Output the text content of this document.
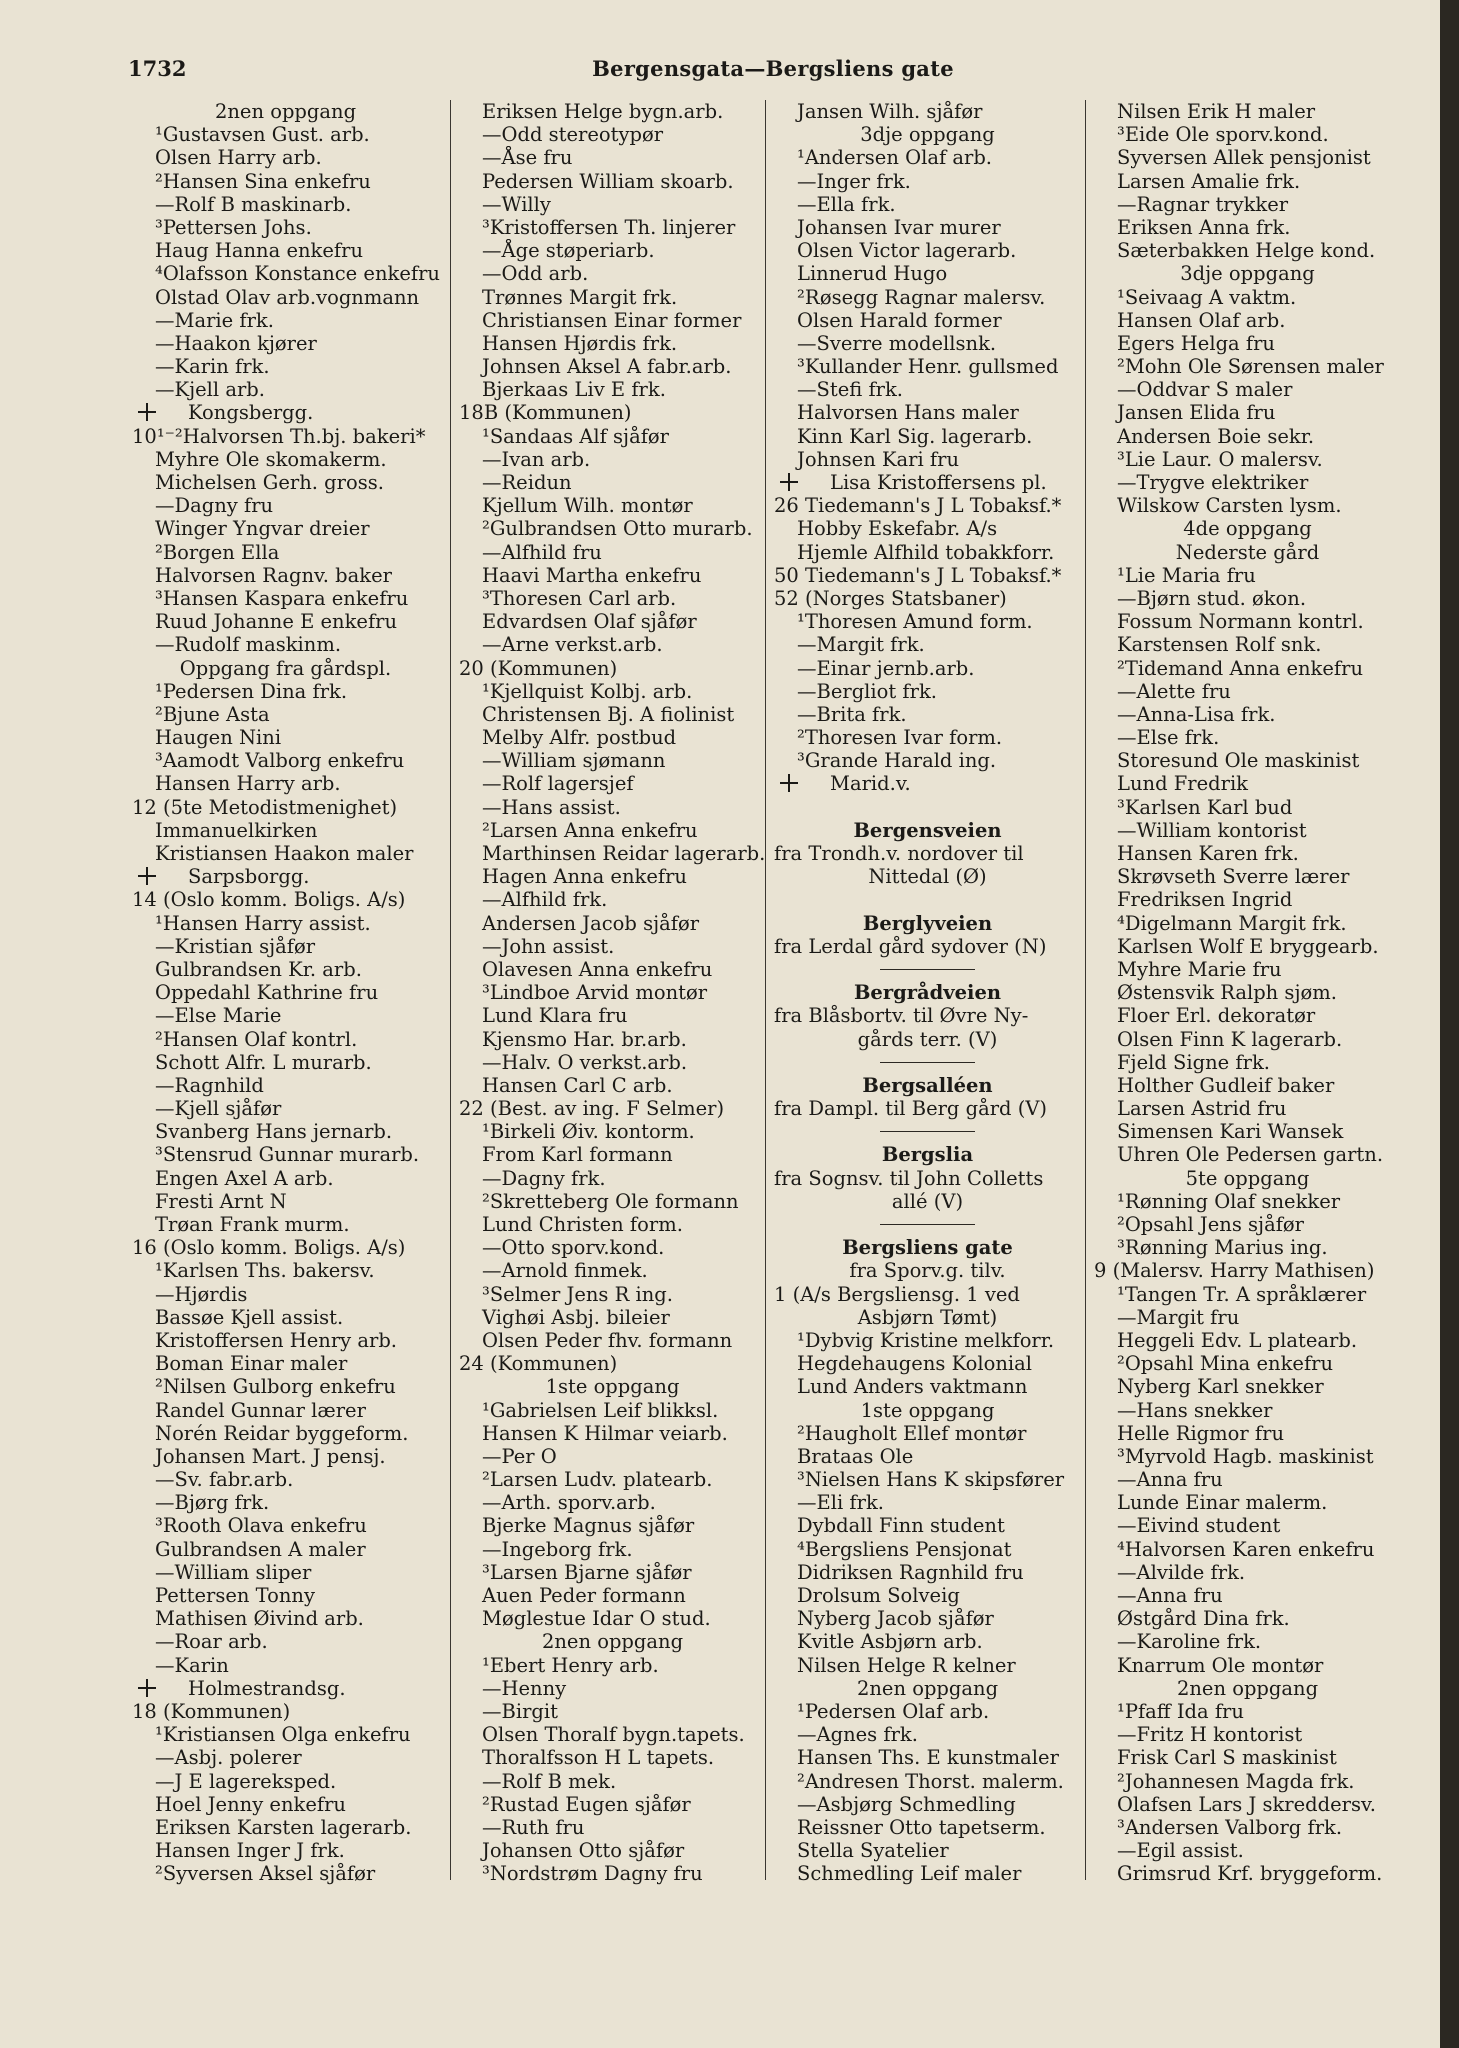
1732	Bergensgata—Bergsliens gate
2nen oppgang
¹Gustavsen Gust. arb.
Olsen Harry arb.
²Hansen Sina enkefru
—Rolf B maskinarb.
³Pettersen Johs.
Haug Hanna enkefru
⁴Olafsson Konstance enkefru
Olstad Olav arb.vognmann
—Marie frk.
—Haakon kjører
—Karin frk.
—Kjell arb.
Kongsbergg.
10¹⁻²Halvorsen Th.bj. bakeri*
Myhre Ole skomakerm.
Michelsen Gerh. gross.
—Dagny fru
Winger Yngvar dreier
²Borgen Ella
Halvorsen Ragnv. baker
³Hansen Kaspara enkefru
Ruud Johanne E enkefru
—Rudolf maskinm.
Oppgang fra gårdspl.
¹Pedersen Dina frk.
²Bjune Asta
Haugen Nini
³Aamodt Valborg enkefru
Hansen Harry arb.
12 (5te Metodistmenighet)
Immanuelkirken
Kristiansen Haakon maler
Sarpsborgg.
14 (Oslo komm. Boligs. A/s)
¹Hansen Harry assist.
—Kristian sjåfør
Gulbrandsen Kr. arb.
Oppedahl Kathrine fru
—Else Marie
²Hansen Olaf kontrl.
Schott Alfr. L murarb.
—Ragnhild
—Kjell sjåfør
Svanberg Hans jernarb.
³Stensrud Gunnar murarb.
Engen Axel A arb.
Fresti Arnt N
Trøan Frank murm.
16 (Oslo komm. Boligs. A/s)
¹Karlsen Ths. bakersv.
—Hjørdis
Bassøe Kjell assist.
Kristoffersen Henry arb.
Boman Einar maler
²Nilsen Gulborg enkefru
Randel Gunnar lærer
Norén Reidar byggeform.
Johansen Mart. J pensj.
—Sv. fabr.arb.
—Bjørg frk.
³Rooth Olava enkefru
Gulbrandsen A maler
—William sliper
Pettersen Tonny
Mathisen Øivind arb.
—Roar arb.
—Karin
Holmestrandsg.
18 (Kommunen)
¹Kristiansen Olga enkefru
—Asbj. polerer
—J E lagereksped.
Hoel Jenny enkefru
Eriksen Karsten lagerarb.
Hansen Inger J frk.
²Syversen Aksel sjåfør
Eriksen Helge bygn.arb.
—Odd stereotypør
—Åse fru
Pedersen William skoarb.
—Willy
³Kristoffersen Th. linjerer
—Åge støperiarb.
—Odd arb.
Trønnes Margit frk.
Christiansen Einar former
Hansen Hjørdis frk.
Johnsen Aksel A fabr.arb.
Bjerkaas Liv E frk.
18B (Kommunen)
¹Sandaas Alf sjåfør
—Ivan arb.
—Reidun
Kjellum Wilh. montør
²Gulbrandsen Otto murarb.
—Alfhild fru
Haavi Martha enkefru
³Thoresen Carl arb.
Edvardsen Olaf sjåfør
—Arne verkst.arb.
20 (Kommunen)
¹Kjellquist Kolbj. arb.
Christensen Bj. A fiolinist
Melby Alfr. postbud
—William sjømann
—Rolf lagersjef
—Hans assist.
²Larsen Anna enkefru
Marthinsen Reidar lagerarb.
Hagen Anna enkefru
—Alfhild frk.
Andersen Jacob sjåfør
—John assist.
Olavesen Anna enkefru
³Lindboe Arvid montør
Lund Klara fru
Kjensmo Har. br.arb.
—Halv. O verkst.arb.
Hansen Carl C arb.
22 (Best. av ing. F Selmer)
¹Birkeli Øiv. kontorm.
From Karl formann
—Dagny frk.
²Skretteberg Ole formann
Lund Christen form.
—Otto sporv.kond.
—Arnold finmek.
³Selmer Jens R ing.
Vighøi Asbj. bileier
Olsen Peder fhv. formann
24 (Kommunen)
1ste oppgang
¹Gabrielsen Leif blikksl.
Hansen K Hilmar veiarb.
—Per O
²Larsen Ludv. platearb.
—Arth. sporv.arb.
Bjerke Magnus sjåfør
—Ingeborg frk.
³Larsen Bjarne sjåfør
Auen Peder formann
Møglestue Idar O stud.
2nen oppgang
¹Ebert Henry arb.
—Henny
—Birgit
Olsen Thoralf bygn.tapets.
Thoralfsson H L tapets.
—Rolf B mek.
²Rustad Eugen sjåfør
—Ruth fru
Johansen Otto sjåfør
³Nordstrøm Dagny fru
Jansen Wilh. sjåfør
3dje oppgang
¹Andersen Olaf arb.
—Inger frk.
—Ella frk.
Johansen Ivar murer
Olsen Victor lagerarb.
Linnerud Hugo
²Røsegg Ragnar malersv.
Olsen Harald former
—Sverre modellsnk.
³Kullander Henr. gullsmed
—Stefi frk.
Halvorsen Hans maler
Kinn Karl Sig. lagerarb.
Johnsen Kari fru
Lisa Kristoffersens pl.
26 Tiedemann's J L Tobaksf.*
Hobby Eskefabr. A/s
Hjemle Alfhild tobakkforr.
50 Tiedemann's J L Tobaksf.*
52 (Norges Statsbaner)
¹Thoresen Amund form.
—Margit frk.
—Einar jernb.arb.
—Bergliot frk.
—Brita frk.
²Thoresen Ivar form.
³Grande Harald ing.
Marid.v.
Bergensveien
fra Trondh.v. nordover til
Nittedal (Ø)
Berglyveien
fra Lerdal gård sydover (N)
Bergrådveien
fra Blåsbortv. til Øvre Ny-
gårds terr. (V)
Bergsalléen
fra Dampl. til Berg gård (V)
Bergslia
fra Sognsv. til John Colletts
allé (V)
Bergsliens gate
fra Sporv.g. tilv.
1 (A/s Bergsliensg. 1 ved
Asbjørn Tømt)
¹Dybvig Kristine melkforr.
Hegdehaugens Kolonial
Lund Anders vaktmann
1ste oppgang
²Haugholt Ellef montør
Brataas Ole
³Nielsen Hans K skipsfører
—Eli frk.
Dybdall Finn student
⁴Bergsliens Pensjonat
Didriksen Ragnhild fru
Drolsum Solveig
Nyberg Jacob sjåfør
Kvitle Asbjørn arb.
Nilsen Helge R kelner
2nen oppgang
¹Pedersen Olaf arb.
—Agnes frk.
Hansen Ths. E kunstmaler
²Andresen Thorst. malerm.
—Asbjørg Schmedling
Reissner Otto tapetserm.
Stella Syatelier
Schmedling Leif maler
Nilsen Erik H maler
³Eide Ole sporv.kond.
Syversen Allek pensjonist
Larsen Amalie frk.
—Ragnar trykker
Eriksen Anna frk.
Sæterbakken Helge kond.
3dje oppgang
¹Seivaag A vaktm.
Hansen Olaf arb.
Egers Helga fru
²Mohn Ole Sørensen maler
—Oddvar S maler
Jansen Elida fru
Andersen Boie sekr.
³Lie Laur. O malersv.
—Trygve elektriker
Wilskow Carsten lysm.
4de oppgang
Nederste gård
¹Lie Maria fru
—Bjørn stud. økon.
Fossum Normann kontrl.
Karstensen Rolf snk.
²Tidemand Anna enkefru
—Alette fru
—Anna-Lisa frk.
—Else frk.
Storesund Ole maskinist
Lund Fredrik
³Karlsen Karl bud
—William kontorist
Hansen Karen frk.
Skrøvseth Sverre lærer
Fredriksen Ingrid
⁴Digelmann Margit frk.
Karlsen Wolf E bryggearb.
Myhre Marie fru
Østensvik Ralph sjøm.
Floer Erl. dekoratør
Olsen Finn K lagerarb.
Fjeld Signe frk.
Holther Gudleif baker
Larsen Astrid fru
Simensen Kari Wansek
Uhren Ole Pedersen gartn.
5te oppgang
¹Rønning Olaf snekker
²Opsahl Jens sjåfør
³Rønning Marius ing.
9 (Malersv. Harry Mathisen)
¹Tangen Tr. A språklærer
—Margit fru
Heggeli Edv. L platearb.
²Opsahl Mina enkefru
Nyberg Karl snekker
—Hans snekker
Helle Rigmor fru
³Myrvold Hagb. maskinist
—Anna fru
Lunde Einar malerm.
—Eivind student
⁴Halvorsen Karen enkefru
—Alvilde frk.
—Anna fru
Østgård Dina frk.
—Karoline frk.
Knarrum Ole montør
2nen oppgang
¹Pfaff Ida fru
—Fritz H kontorist
Frisk Carl S maskinist
²Johannesen Magda frk.
Olafsen Lars J skreddersv.
³Andersen Valborg frk.
—Egil assist.
Grimsrud Krf. bryggeform.
